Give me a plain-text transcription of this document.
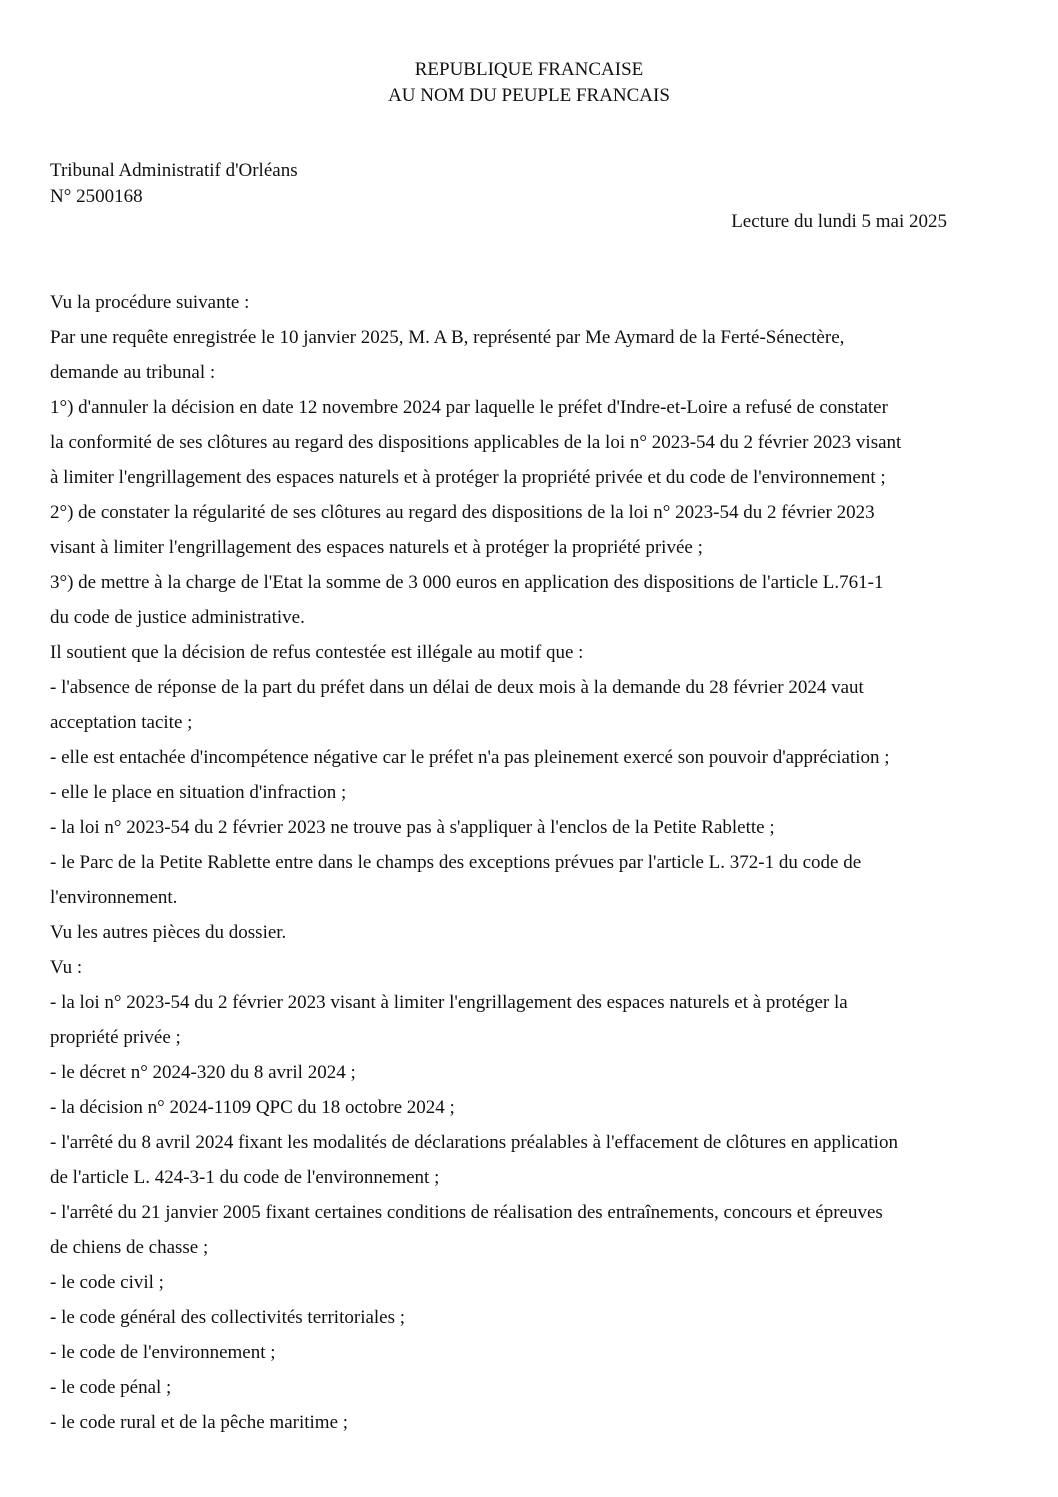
REPUBLIQUE FRANCAISE
AU NOM DU PEUPLE FRANCAIS
Tribunal Administratif d'Orléans
N° 2500168
Lecture du lundi 5 mai 2025

Vu la procédure suivante :

Par une requête enregistrée le 10 janvier 2025, M. A B, représenté par Me Aymard de la Ferté-Sénectère,

demande au tribunal :

1°) d'annuler la décision en date 12 novembre 2024 par laquelle le préfet d'Indre-et-Loire a refusé de constater

la conformité de ses clôtures au regard des dispositions applicables de la loi n° 2023-54 du 2 février 2023 visant

à limiter l'engrillagement des espaces naturels et à protéger la propriété privée et du code de l'environnement ;

2°) de constater la régularité de ses clôtures au regard des dispositions de la loi n° 2023-54 du 2 février 2023

visant à limiter l'engrillagement des espaces naturels et à protéger la propriété privée ;

3°) de mettre à la charge de l'Etat la somme de 3 000 euros en application des dispositions de l'article L.761-1

du code de justice administrative.

Il soutient que la décision de refus contestée est illégale au motif que :

- l'absence de réponse de la part du préfet dans un délai de deux mois à la demande du 28 février 2024 vaut

acceptation tacite ;

- elle est entachée d'incompétence négative car le préfet n'a pas pleinement exercé son pouvoir d'appréciation ;

- elle le place en situation d'infraction ;

- la loi n° 2023-54 du 2 février 2023 ne trouve pas à s'appliquer à l'enclos de la Petite Rablette ;

- le Parc de la Petite Rablette entre dans le champs des exceptions prévues par l'article L. 372-1 du code de

l'environnement.

Vu les autres pièces du dossier.

Vu :

- la loi n° 2023-54 du 2 février 2023 visant à limiter l'engrillagement des espaces naturels et à protéger la

propriété privée ;

- le décret n° 2024-320 du 8 avril 2024 ;

- la décision n° 2024-1109 QPC du 18 octobre 2024 ;

- l'arrêté du 8 avril 2024 fixant les modalités de déclarations préalables à l'effacement de clôtures en application

de l'article L. 424-3-1 du code de l'environnement ;

- l'arrêté du 21 janvier 2005 fixant certaines conditions de réalisation des entraînements, concours et épreuves

de chiens de chasse ;

- le code civil ;

- le code général des collectivités territoriales ;

- le code de l'environnement ;

- le code pénal ;

- le code rural et de la pêche maritime ;
